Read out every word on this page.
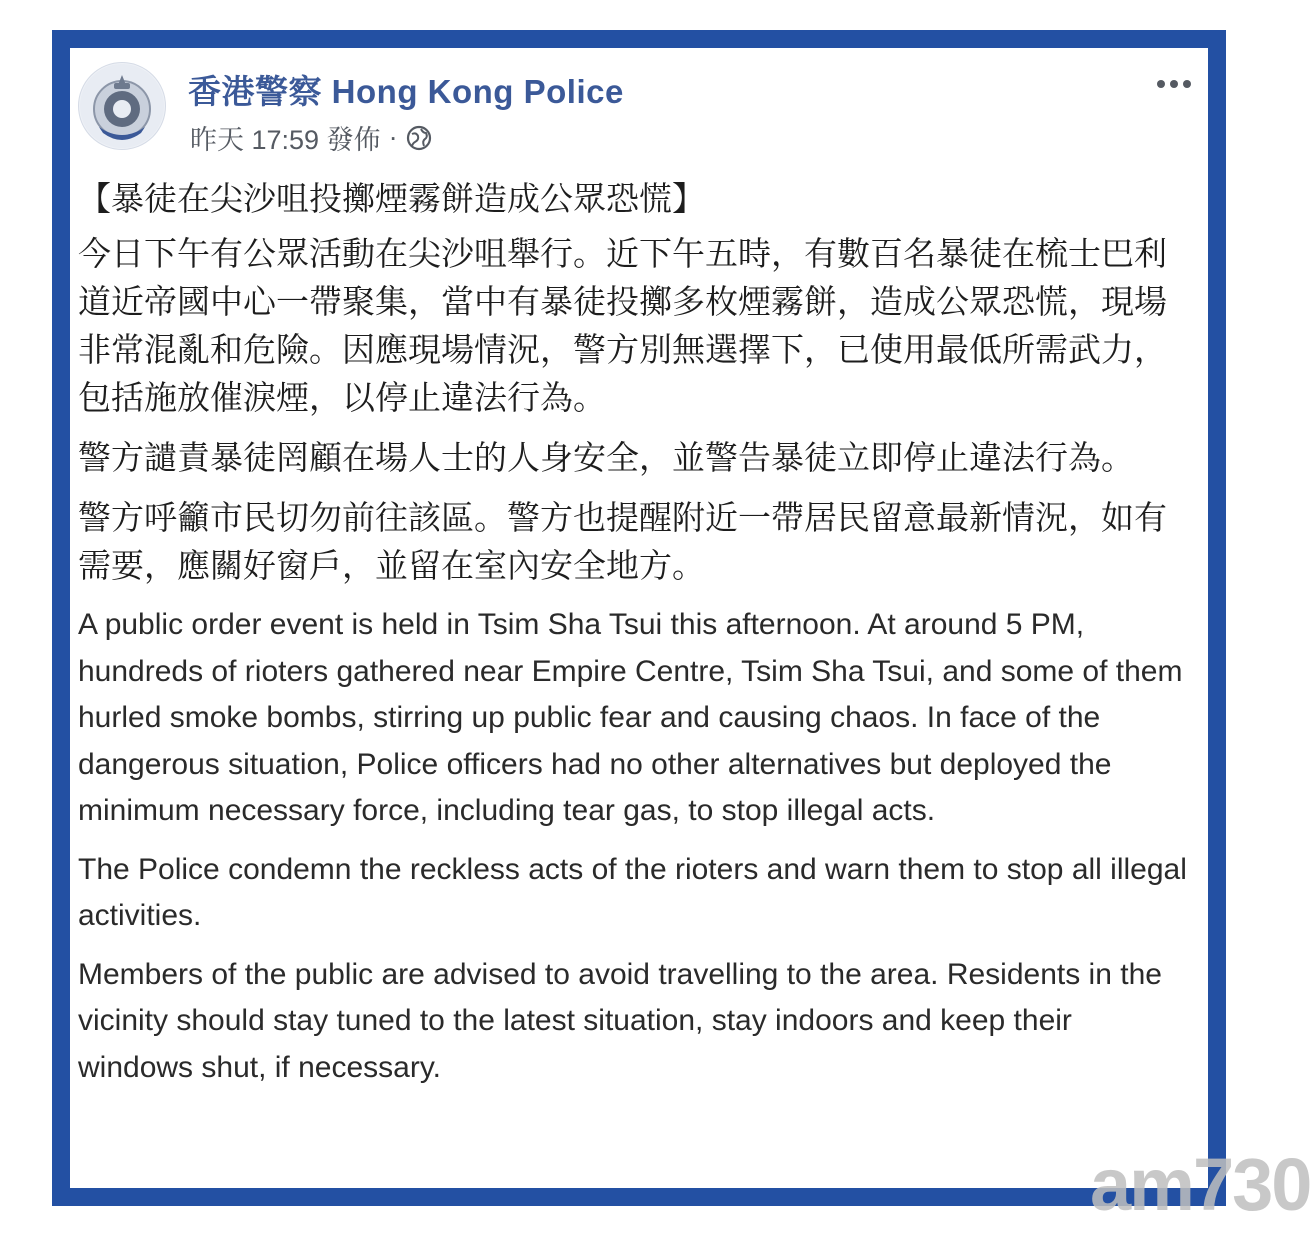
香港警察 Hong Kong Police
昨天 17:59 發佈 ·

【暴徒在尖沙咀投擲煙霧餅造成公眾恐慌】

今日下午有公眾活動在尖沙咀舉行。近下午五時，有數百名暴徒在梳士巴利道近帝國中心一帶聚集，當中有暴徒投擲多枚煙霧餅，造成公眾恐慌，現場非常混亂和危險。因應現場情況，警方別無選擇下，已使用最低所需武力，包括施放催淚煙，以停止違法行為。

警方譴責暴徒罔顧在場人士的人身安全，並警告暴徒立即停止違法行為。

警方呼籲市民切勿前往該區。警方也提醒附近一帶居民留意最新情況，如有需要，應關好窗戶，並留在室內安全地方。

A public order event is held in Tsim Sha Tsui this afternoon. At around 5 PM, hundreds of rioters gathered near Empire Centre, Tsim Sha Tsui, and some of them hurled smoke bombs, stirring up public fear and causing chaos. In face of the dangerous situation, Police officers had no other alternatives but deployed the minimum necessary force, including tear gas, to stop illegal acts.

The Police condemn the reckless acts of the rioters and warn them to stop all illegal activities.

Members of the public are advised to avoid travelling to the area. Residents in the vicinity should stay tuned to the latest situation, stay indoors and keep their windows shut, if necessary.

am730
